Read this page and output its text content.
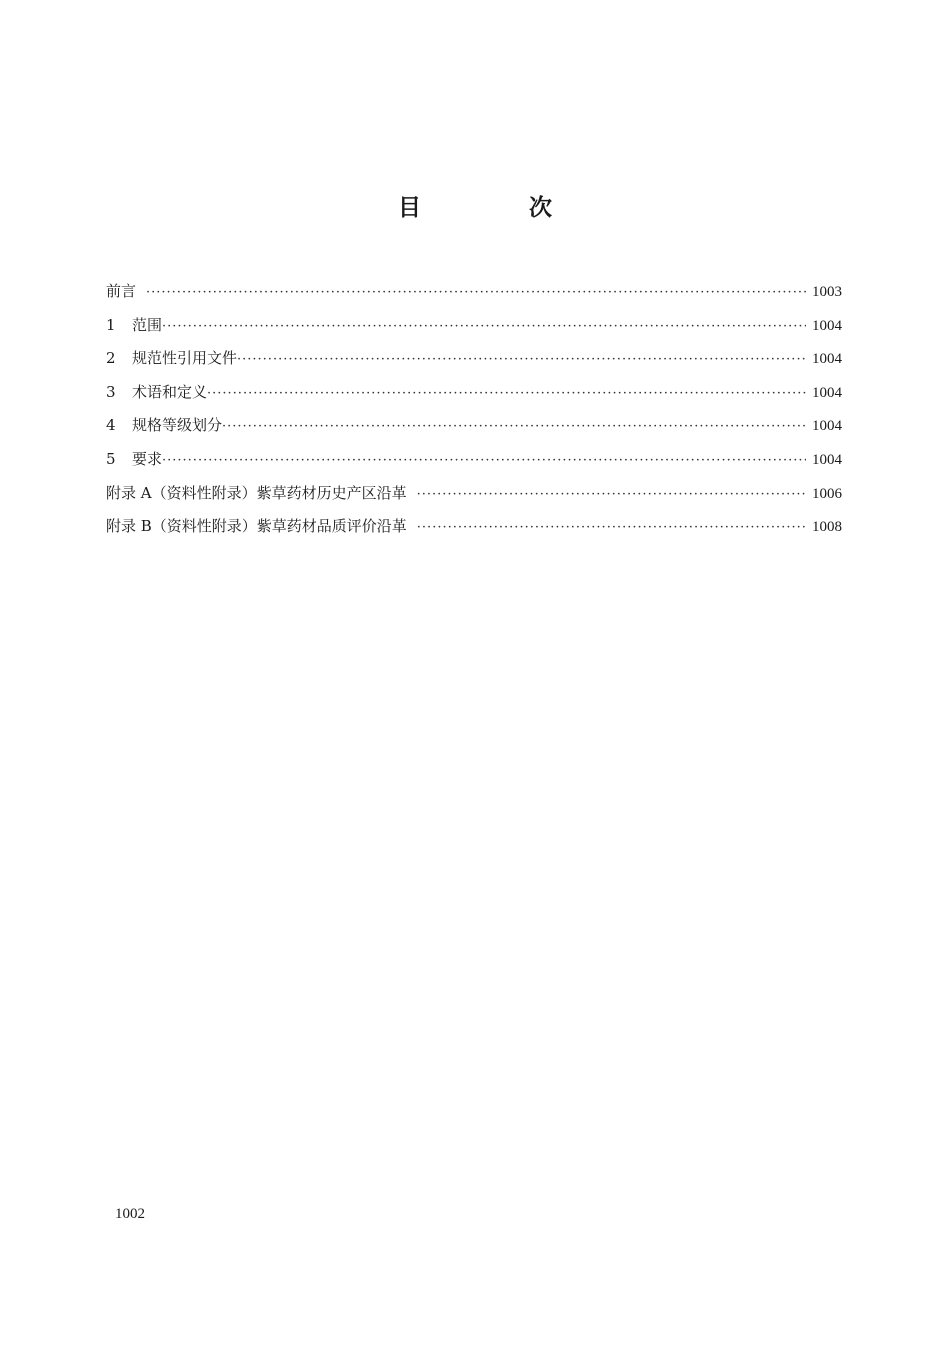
目 次
前言 ·····	1003
1	范围 ·····	1004
2	规范性引用文件 ·····	1004
3	术语和定义 ·····	1004
4	规格等级划分 ·····	1004
5	要求 ·····	1004
附录 A（资料性附录）紫草药材历史产区沿革 ·····	1006
附录 B（资料性附录）紫草药材品质评价沿革 ·····	1008
1002
